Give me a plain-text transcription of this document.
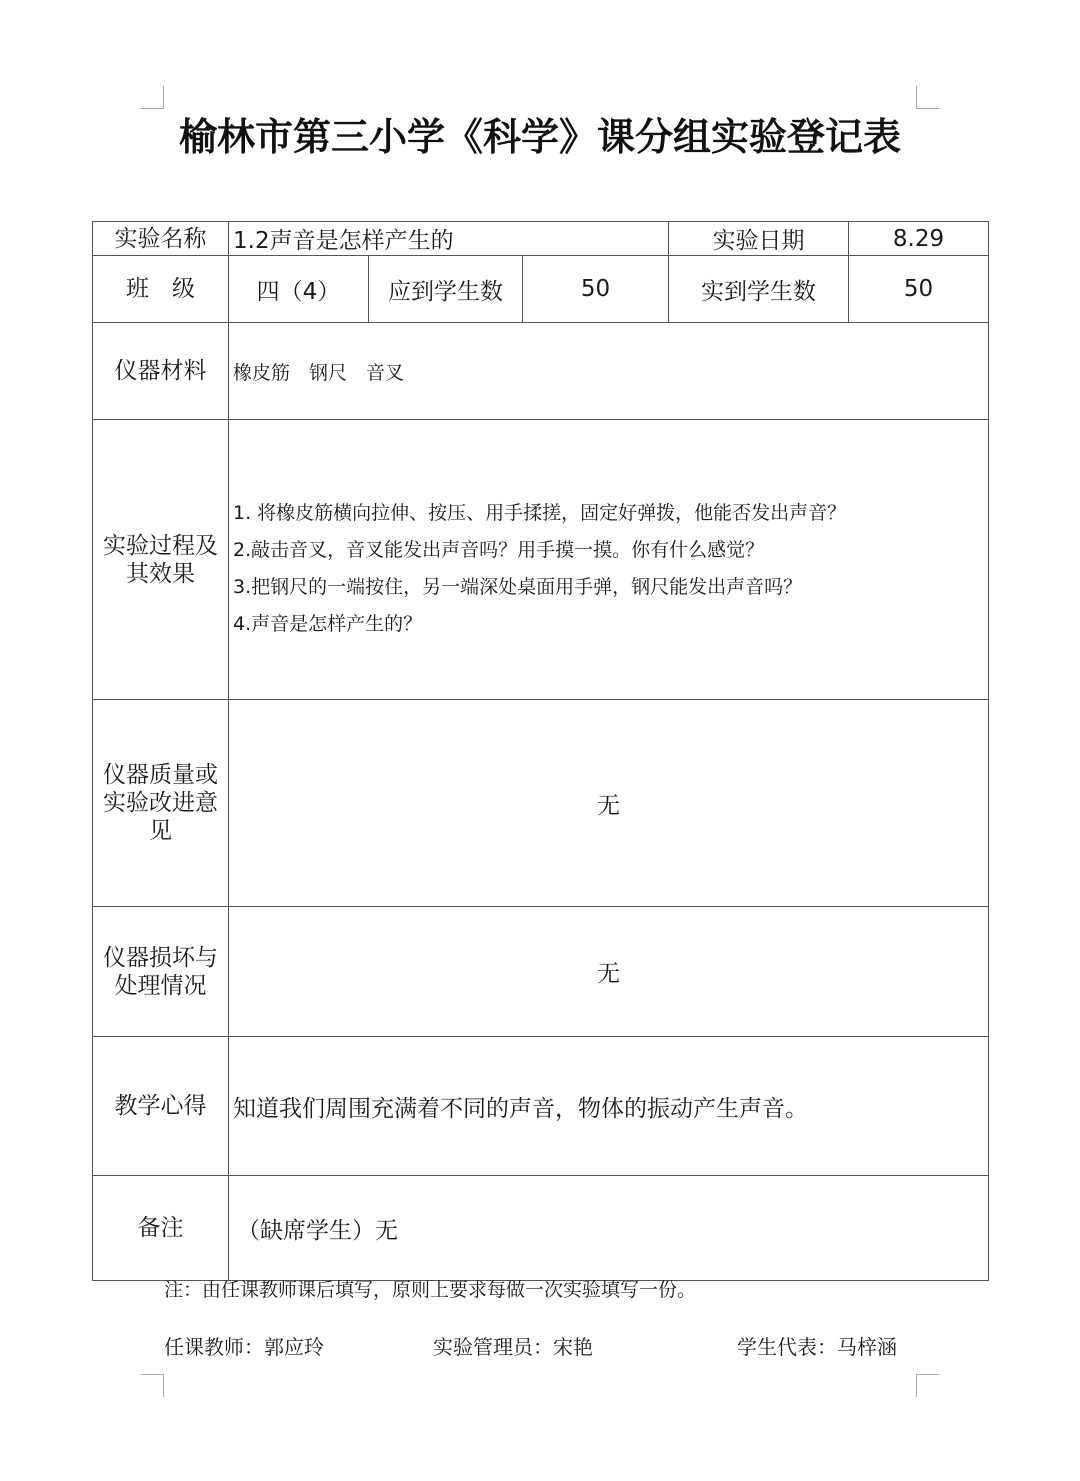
榆林市第三小学《科学》课分组实验登记表
实验名称	1.2声音是怎样产生的			实验日期	8.29
班　级	四（4）	应到学生数	50	实到学生数	50
仪器材料	橡皮筋　钢尺　音叉				
实验过程及其效果	1. 将橡皮筋横向拉伸、按压、用手揉搓，固定好弹拨，他能否发出声音？
2.敲击音叉，音叉能发出声音吗？用手摸一摸。你有什么感觉？
3.把钢尺的一端按住，另一端深处桌面用手弹，钢尺能发出声音吗？
4.声音是怎样产生的？				

仪器质量或实验改进意见	无				
仪器损坏与处理情况	无				
教学心得	知道我们周围充满着不同的声音，物体的振动产生声音。				
备注	（缺席学生）无				
注：由任课教师课后填写，原则上要求每做一次实验填写一份。
任课教师：郭应玲	实验管理员：宋艳	学生代表：马梓涵
